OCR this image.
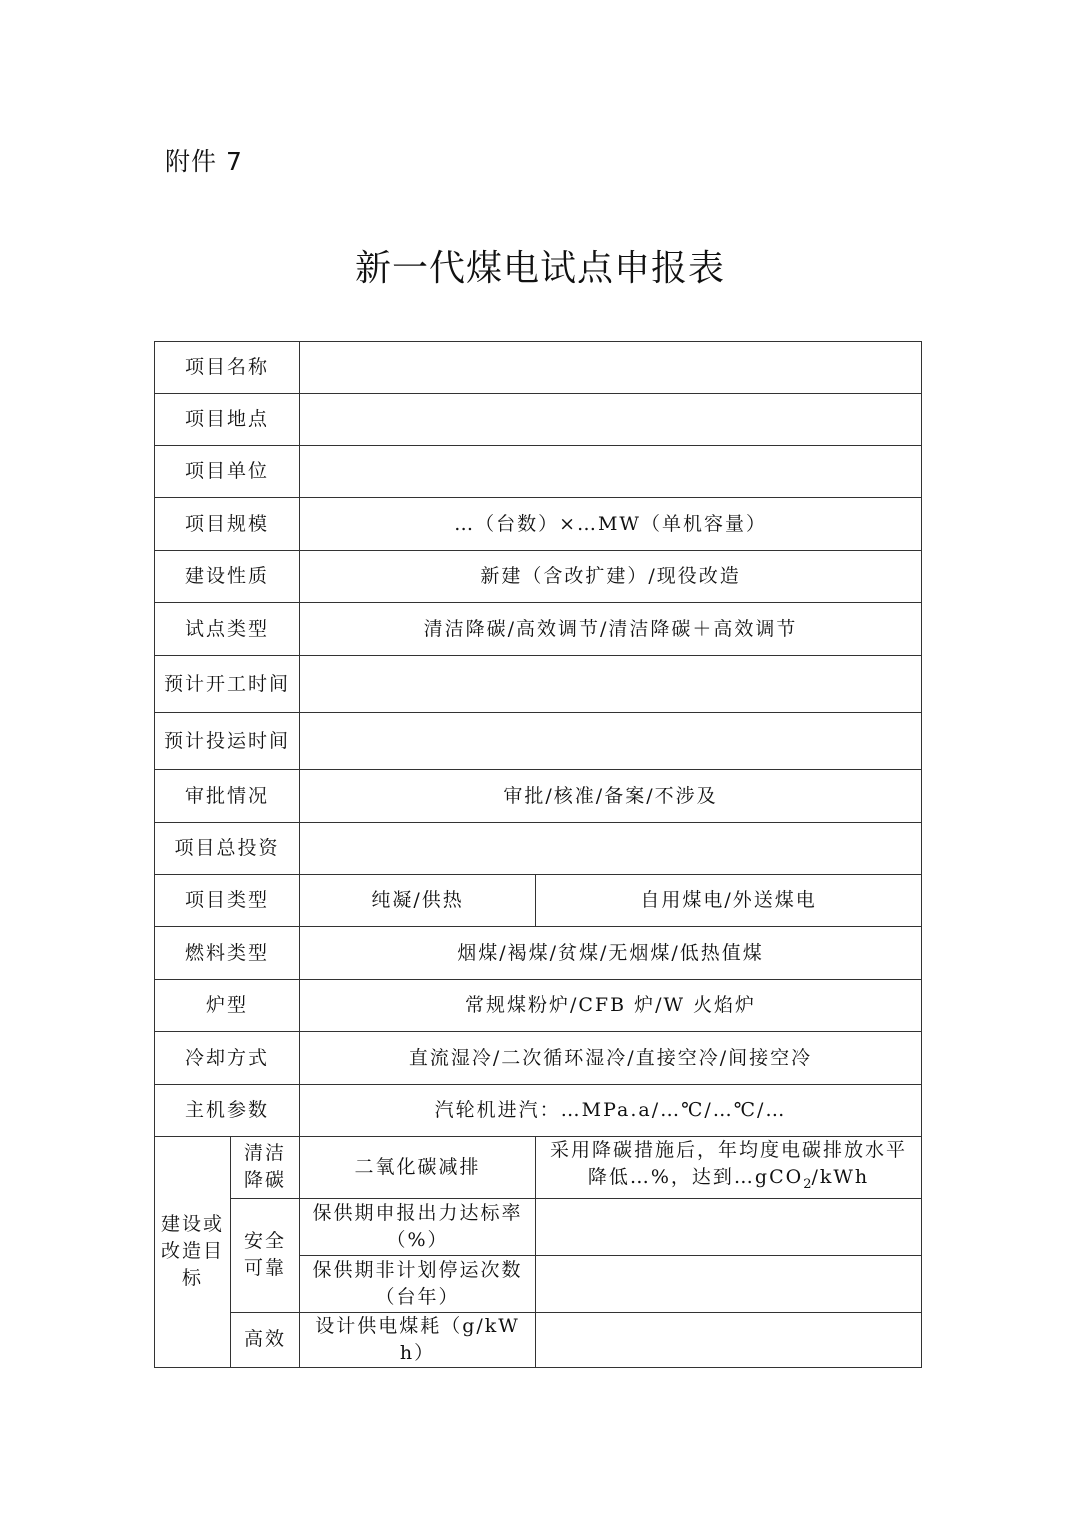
附件 7
新一代煤电试点申报表
项目名称			
项目地点			
项目单位			
项目规模		…（台数）×…MW（单机容量）	
建设性质		新建（含改扩建）/现役改造	
试点类型		清洁降碳/高效调节/清洁降碳＋高效调节	
预计开工时间			
预计投运时间			
审批情况		审批/核准/备案/不涉及	
项目总投资			
项目类型		纯凝/供热	自用煤电/外送煤电
燃料类型		烟煤/褐煤/贫煤/无烟煤/低热值煤	
炉型		常规煤粉炉/CFB 炉/W 火焰炉	
冷却方式		直流湿冷/二次循环湿冷/直接空冷/间接空冷	
主机参数		汽轮机进汽：…MPa.a/…℃/…℃/…	
建设或改造目标	清洁降碳	二氧化碳减排	采用降碳措施后，年均度电碳排放水平降低…%，达到…gCO$_2$/kWh
	安全可靠	保供期申报出力达标率（%）	
		保供期非计划停运次数（台年）	
	高效	设计供电煤耗（g/kWh）	
